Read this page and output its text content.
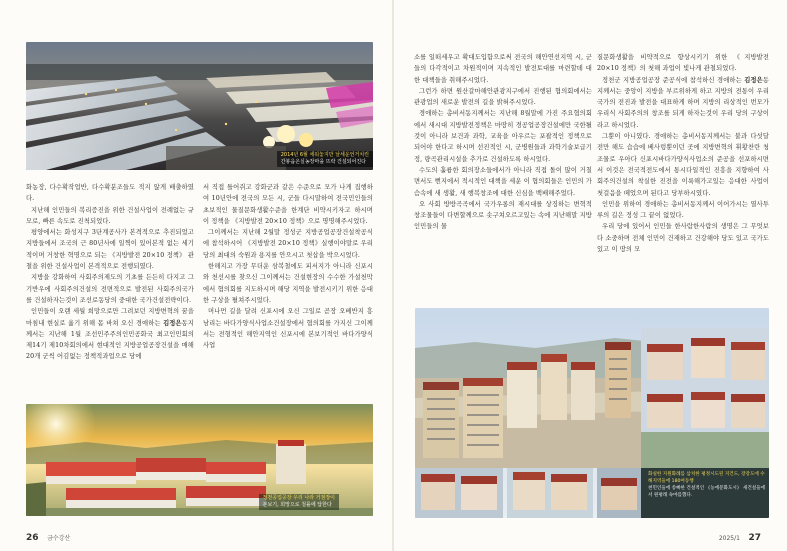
2014년 6월 세워놓지만 날세운언거치린
간봉읍온실농장마을 뜨락 건설되어진다

화농장, 다수확작업반, 다수확분조들도 적지 않게 배출하였다.

지난해 인민들의 복리증진을 위한 건설사업이 전례없는 규모로, 빠른 속도로 진척되었다.

평양에서는 화성지구 3단계공사가 본격적으로 추진되었고 지방들에서 조국의 근 80년사에 일찍이 있어본적 없는 세기적이며 거창한 혁명으로 되는 《지방발전 20×10 정책》 관철을 위한 건설사업이 본격적으로 전행되였다.

지방을 강화하여 사회주의제도의 기초를 든든히 다지고 그 기반우에 사회주의건설의 전면적으로 발전된 사회주의국가를 건설하자는것이 조선로동당의 중대한 국가건설전략이다.

인민들이 오랜 세월 희망으로만 그려보던 지방변혁의 꿈을 마침내 현실로 옮기 위해 몸 바쳐 오신 경애하는 김정은동지께서는 지난해 1월 조선민주주의인민공화국 최고인민회의 제14기 제10차회의에서 현대적인 지방공업공장건설을 매해 20개 군씩 어김없는 정책적과업으로 당에

서 직접 틀어쥐고 강화군과 같은 수준으로 모가 나게 집행하여 10년안에 전국의 모든 시, 군들 다시말하여 전국민인들의 초보적인 물질문화생활수준을 한계단 비약시키자고 하시며 이 정책을 《지방발전 20×10 정책》으로 명명해주시었다.

그이께서는 지난해 2월말 정성군 지방공업공장건설착공식에 참석하시어 《지방발전 20×10 정책》실행이야말로 우리 당의 최대의 숙원과 용지를 안으시고 첫삽을 박으시었다.

한해지고 가장 무더운 삼복철에도 피서지가 아니라 신포시와 천선시를 찾으신 그이께서는 건설현장의 수수한 가설천막에서 협의회를 지도하시며 해당 지역을 발전시키기 위한 응대한 구상을 펼쳐주시었다.

머나먼 길을 달려 신포시에 오신 그일로 곧장 오베반지 흥남리는 바다가양식사업소건설장에서 협의회를 가지신 그이께서는 전형적인 해안지역인 신포시에 본보기적인 바다가양식사업

정천공업공장 우리 나라 거점장이
본보기, 희망으로 청률에 답한다
26 금수강산

소를 일떠세우고 확대도입함으로써 전국의 해안연선지역 시, 군들의 다각적이고 차원적이며 지속적인 발전토대를 마련할데 대한 대책들을 취해주시었다.

그런가 하면 원산갈마해안관광지구에서 진행된 협의회에서는 관광업의 새로운 발전의 길을 밝혀주시었다.

경애하는 총비서동지께서는 지난해 8월말에 가진 주요협의회에서 새시대 지방발전정책은 마땅히 경공업공장건설에만 국한될것이 아니라 보건과 과학, 교육을 아우르는 포괄적인 정책으로 되어야 한다고 하시며 선진적인 시, 군병원들과 과학기술보급기정, 량곡관리시설을 추가로 건설하도록 하시었다.

수도의 훌륭한 회의장소들에서가 아니라 직접 돌이 많이 거칠면서도 뻔지에서 적시적인 대책을 세운 이 협의회들은 인민의 가슴속에 새 생활, 새 행복창조에 대한 신심을 백배해주었다.

오 사회 방방곡곡에서 국가우롱의 재시대를 상징하는 변혁적창조물들이 다변할께으로 솟구쳐오르고있는 속에 지난해말 지방인민들의 물

질문화생활을 비약적으로 향상시키기 위한 《지방발전 20×10 정책》의 첫해 과업이 빛나게 관철되었다.

정천군 지방공업공장 준공식에 참석하신 경애하는 김정은동지께서는 중앙이 지방을 부르위하게 하고 지방의 전통이 우리 국가의 전진과 발전을 대표하게 하며 지방의 리상적인 번모가 우리식 사회주의의 창조를 되게 하자는것이 우리 당의 구상이라고 하시었다.

그뿐이 아니였다. 경애하는 총비서동지께서는 불과 다섯달전만 해도 습습에 베사렁뿐이던 곳에 지방변혁의 휘황찬란 청조물로 우아다 신포시바다가양식사업소의 준공을 선포하시면서 이것은 전국적전도에서 통시다일적인 진흥을 지향하여 사회주의건설의 착실한 진전을 이룩해가고있는 응대한 사업이 첫걸음을 떼었으며 된다고 당부하시였다.

인민을 위하여 경애하는 총비서동지께서 이어가시는 열사투루의 길은 정성 그 끝이 없었다.

우리 당에 있어서 인민들 한사람한사람의 생명은 그 무엇보다 소중하며 전체 인민이 건재하고 건강해야 당도 있고 국가도 있고 이 땅의 모

화실한 지원화례를 삼치한 평정시도된 지건도, 장강도에 수해지역들에 180여동행
천민인들에 쏭빠한 건설적인 《농에문화도시》 새건설들에서 원평래 속마를했다.
2025/1 27
